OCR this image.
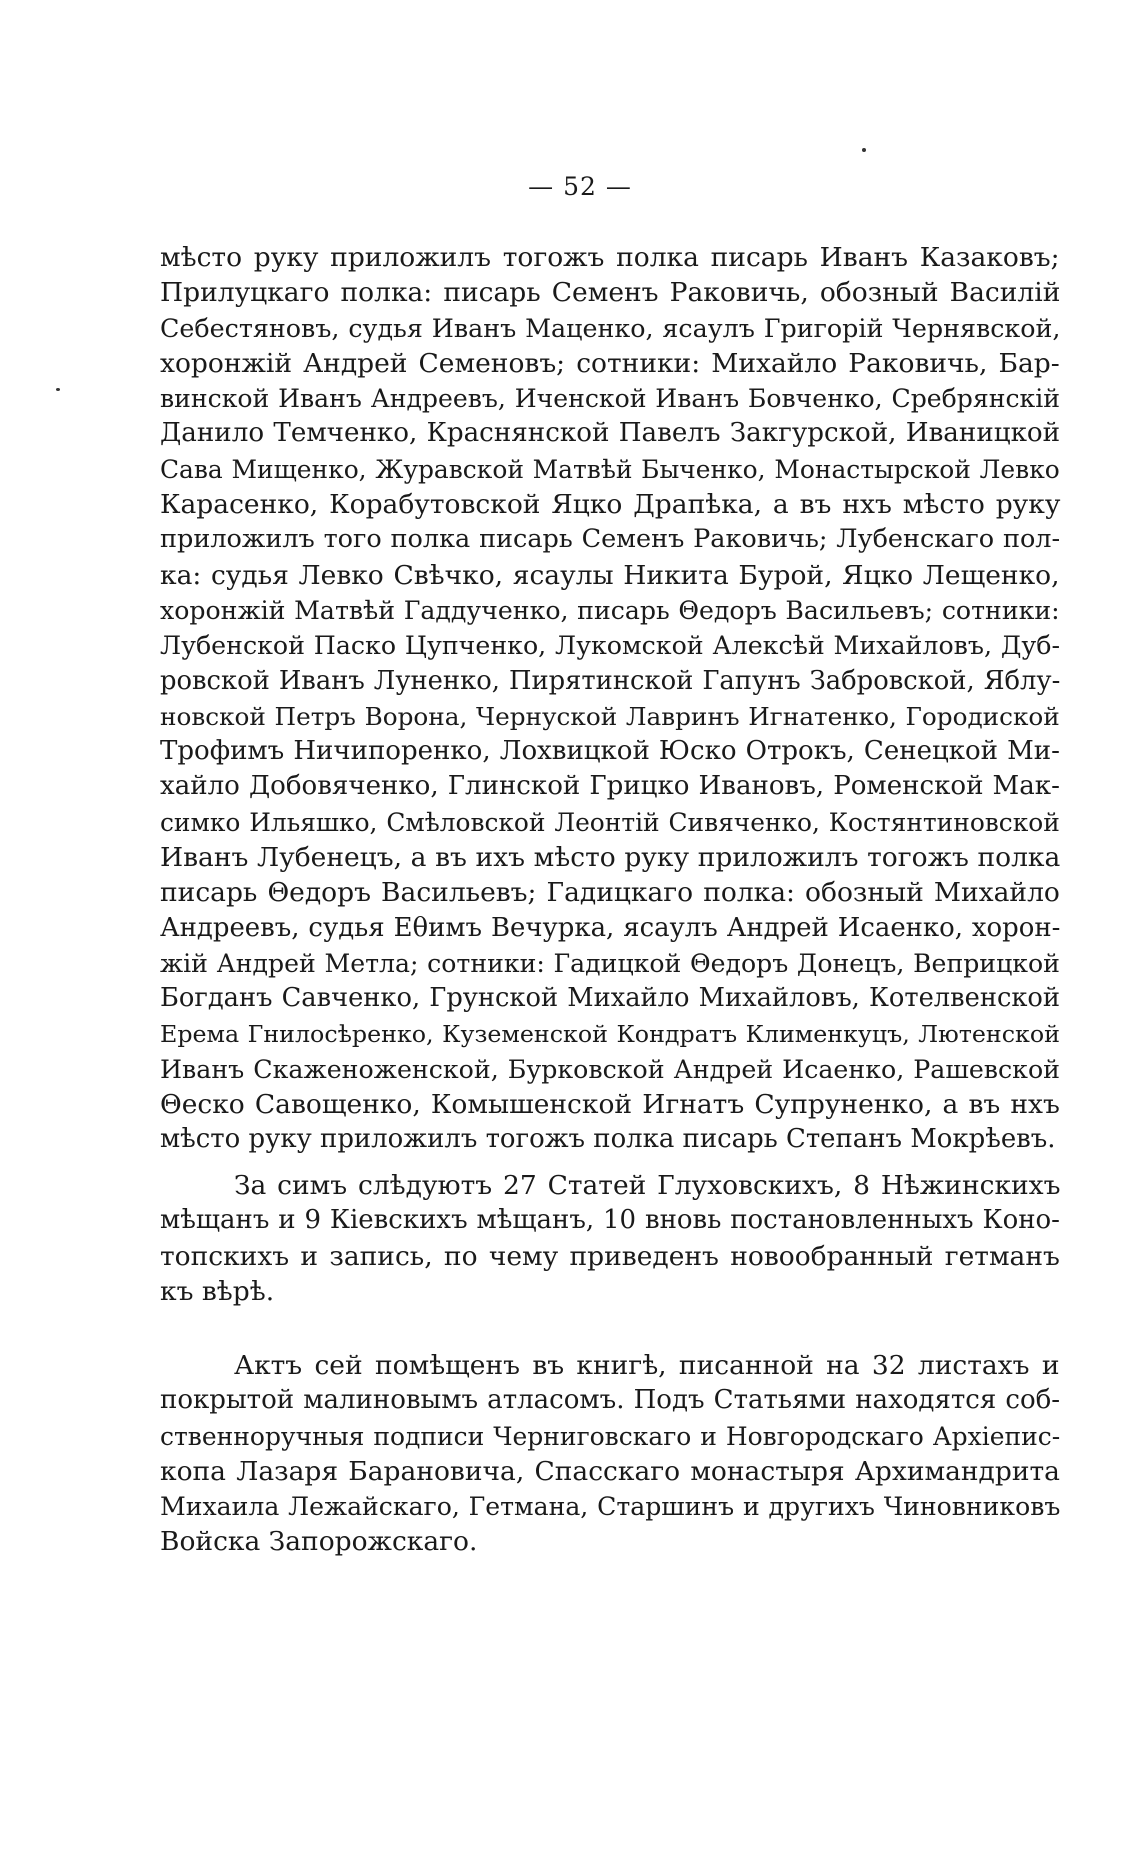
— 52 —
мѣсто руку приложилъ тогожъ полка писарь Иванъ Казаковъ;
Прилуцкаго полка: писарь Семенъ Раковичь, обозный Василій
Себестяновъ, судья Иванъ Маценко, ясаулъ Григорій Чернявской,
хоронжій Андрей Семеновъ; сотники: Михайло Раковичь, Бар-
винской Иванъ Андреевъ, Иченской Иванъ Бовченко, Сребрянскій
Данило Темченко, Краснянской Павелъ Закгурской, Иваницкой
Сава Мищенко, Журавской Матвѣй Быченко, Монастырской Левко
Карасенко, Корабутовской Яцко Драпѣка, а въ нхъ мѣсто руку
приложилъ того полка писарь Семенъ Раковичь; Лубенскаго пол-
ка: судья Левко Свѣчко, ясаулы Никита Бурой, Яцко Лещенко,
хоронжій Матвѣй Гаддученко, писарь Θедоръ Васильевъ; сотники:
Лубенской Паско Цупченко, Лукомской Алексѣй Михайловъ, Дуб-
ровской Иванъ Луненко, Пирятинской Гапунъ Забровской, Яблу-
новской Петръ Ворона, Чернуской Лавринъ Игнатенко, Городиской
Трофимъ Ничипоренко, Лохвицкой Юско Отрокъ, Сенецкой Ми-
хайло Добовяченко, Глинской Грицко Ивановъ, Роменской Мак-
симко Ильяшко, Смѣловской Леонтій Сивяченко, Костянтиновской
Иванъ Лубенецъ, а въ ихъ мѣсто руку приложилъ тогожъ полка
писарь Θедоръ Васильевъ; Гадицкаго полка: обозный Михайло
Андреевъ, судья Еθимъ Вечурка, ясаулъ Андрей Исаенко, хорон-
жій Андрей Метла; сотники: Гадицкой Θедоръ Донецъ, Веприцкой
Богданъ Савченко, Грунской Михайло Михайловъ, Котелвенской
Ерема Гнилосѣренко, Куземенской Кондратъ Клименкуцъ, Лютенской
Иванъ Скаженоженской, Бурковской Андрей Исаенко, Рашевской
Θеско Савощенко, Комышенской Игнатъ Супруненко, а въ нхъ
мѣсто руку приложилъ тогожъ полка писарь Степанъ Мокрѣевъ.
За симъ слѣдуютъ 27 Статей Глуховскихъ, 8 Нѣжинскихъ
мѣщанъ и 9 Кіевскихъ мѣщанъ, 10 вновь постановленныхъ Коно-
топскихъ и запись, по чему приведенъ новообранный гетманъ
къ вѣрѣ.
Актъ сей помѣщенъ въ книгѣ, писанной на 32 листахъ и
покрытой малиновымъ атласомъ. Подъ Статьями находятся соб-
ственноручныя подписи Черниговскаго и Новгородскаго Архіепис-
копа Лазаря Барановича, Спасскаго монастыря Архимандрита
Михаила Лежайскаго, Гетмана, Старшинъ и другихъ Чиновниковъ
Войска Запорожскаго.
